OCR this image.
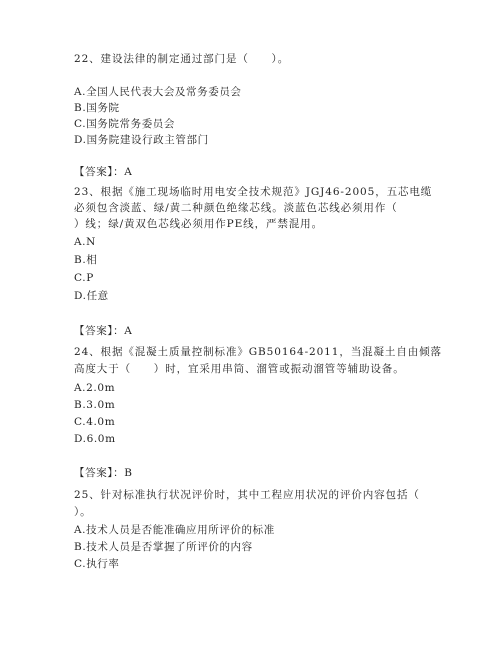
22、建设法律的制定通过部门是（　　）。
A.全国人民代表大会及常务委员会
B.国务院
C.国务院常务委员会
D.国务院建设行政主管部门
【答案】：A
23、根据《施工现场临时用电安全技术规范》JGJ46-2005，五芯电缆
必须包含淡蓝、绿/黄二种颜色绝缘芯线。淡蓝色芯线必须用作（
）线；绿/黄双色芯线必须用作PE线，严禁混用。
A.N
B.相
C.P
D.任意
【答案】：A
24、根据《混凝土质量控制标准》GB50164-2011，当混凝土自由倾落
高度大于（　　）时，宜采用串筒、溜管或振动溜管等辅助设备。
A.2.0m
B.3.0m
C.4.0m
D.6.0m
【答案】：B
25、针对标准执行状况评价时，其中工程应用状况的评价内容包括（
）。
A.技术人员是否能准确应用所评价的标准
B.技术人员是否掌握了所评价的内容
C.执行率
